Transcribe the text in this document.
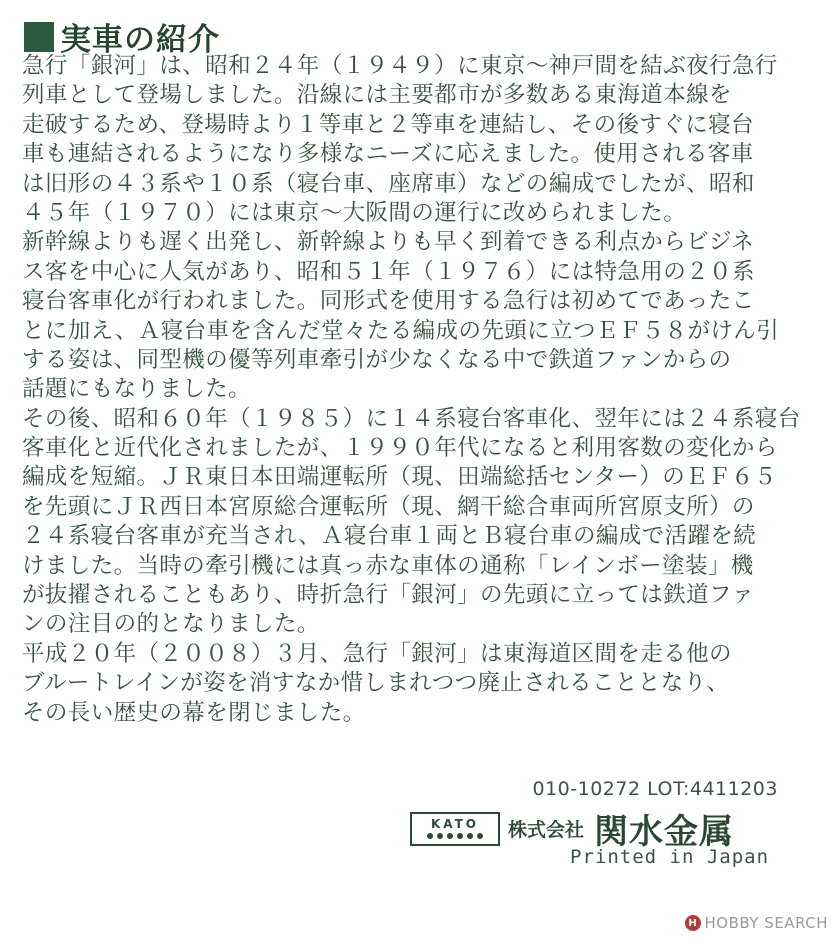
実車の紹介
急行「銀河」は、昭和２４年（１９４９）に東京〜神戸間を結ぶ夜行急行
列車として登場しました。沿線には主要都市が多数ある東海道本線を
走破するため、登場時より１等車と２等車を連結し、その後すぐに寝台
車も連結されるようになり多様なニーズに応えました。使用される客車
は旧形の４３系や１０系（寝台車、座席車）などの編成でしたが、昭和
４５年（１９７０）には東京〜大阪間の運行に改められました。
新幹線よりも遅く出発し、新幹線よりも早く到着できる利点からビジネ
ス客を中心に人気があり、昭和５１年（１９７６）には特急用の２０系
寝台客車化が行われました。同形式を使用する急行は初めてであったこ
とに加え、Ａ寝台車を含んだ堂々たる編成の先頭に立つＥＦ５８がけん引
する姿は、同型機の優等列車牽引が少なくなる中で鉄道ファンからの
話題にもなりました。
その後、昭和６０年（１９８５）に１４系寝台客車化、翌年には２４系寝台
客車化と近代化されましたが、１９９０年代になると利用客数の変化から
編成を短縮。ＪＲ東日本田端運転所（現、田端総括センター）のＥＦ６５
を先頭にＪＲ西日本宮原総合運転所（現、網干総合車両所宮原支所）の
２４系寝台客車が充当され、Ａ寝台車１両とＢ寝台車の編成で活躍を続
けました。当時の牽引機には真っ赤な車体の通称「レインボー塗装」機
が抜擢されることもあり、時折急行「銀河」の先頭に立っては鉄道ファ
ンの注目の的となりました。
平成２０年（２００８）３月、急行「銀河」は東海道区間を走る他の
ブルートレインが姿を消すなか惜しまれつつ廃止されることとなり、
その長い歴史の幕を閉じました。
010-10272 LOT:4411203
KATO 株式会社 関水金属
Printed in Japan
H HOBBY SEARCH
